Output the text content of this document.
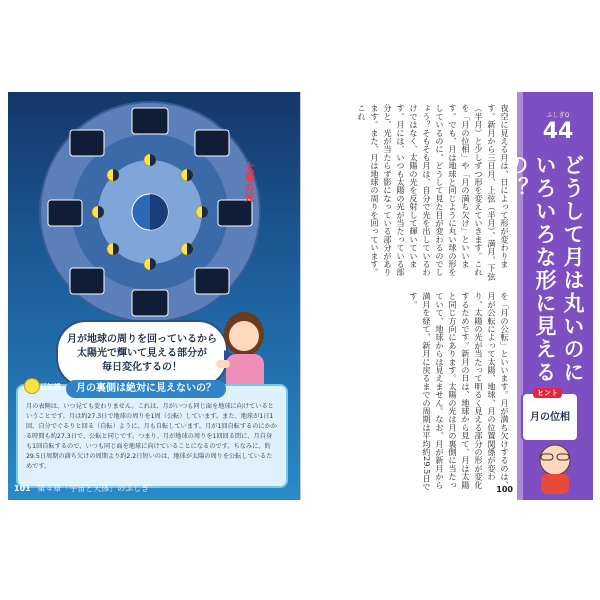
太陽の光
月が地球の周りを回っているから
太陽光で輝いて見える部分が
毎日変化するの！
豆知識	月の裏側は絶対に見えないの？
月の表側は、いつ見ても変わりません。これは、月がいつも同じ面を地球に向けているということです。月は約27.3日で地球の周りを1周（公転）しています。また、地球が1日1回、自分でぐるりと回る（自転）ように、月も自転しています。月が1回自転するのにかかる時間も約27.3日で、公転と同じです。つまり、月が地球の周りを1回回る間に、月自身も1回自転するので、いつも同じ面を地球に向けていることになるのです。ちなみに、約29.5日周期の満ち欠けの周期より約2.2日短いのは、地球が太陽の周りを公転しているためです。
101 第４章「宇宙と天体」のふしぎ
ふしぎQ
44
どうして月は丸いのにいろいろな形に見えるの？
夜空に見える月は、日によって形が変わります。新月から三日月、上弦（半月）、満月、下弦（半月）と少しずつ形を変えていきます。これを「月の位相」や「月の満ち欠け」といいます。でも、月は地球と同じように丸い球の形をしているのに、どうして見た目が変わるのでしょう？そもそも月は、自分で光を出しているわけではなく、太陽の光を反射して輝いています。月には、いつも太陽の光が当たっている部分と、光が当たらず影になっている部分があります。また、月は地球の周りを回っています。これ
を「月の公転」といいます。月が満ち欠けするのは、月が公転によって太陽、地球、月の位置関係が変わり、太陽の光が当たって明るく見える部分の形が変化するためです。新月の日は、地球から見て、月は太陽と同じ方向にあります。太陽の光は月の裏側に当たっていて、地球からは見えません。なお、月が新月から満月を経て、新月に戻るまでの周期は平均約29.5日です。
ヒント
月の位相
100
